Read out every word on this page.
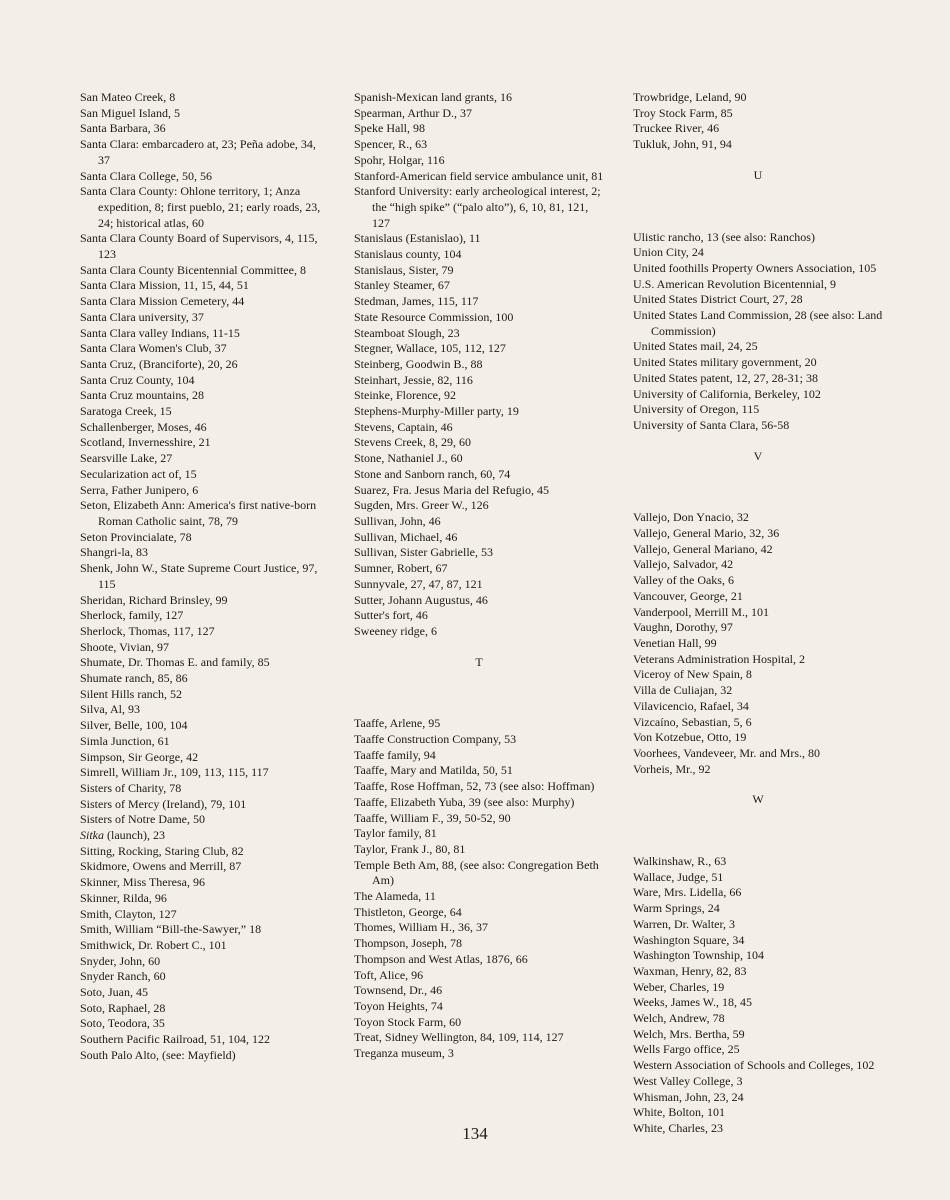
San Mateo Creek, 8

San Miguel Island, 5

Santa Barbara, 36

Santa Clara: embarcadero at, 23; Peña adobe, 34, 37

Santa Clara College, 50, 56

Santa Clara County: Ohlone territory, 1; Anza expedition, 8; first pueblo, 21; early roads, 23, 24; historical atlas, 60

Santa Clara County Board of Supervisors, 4, 115, 123

Santa Clara County Bicentennial Committee, 8

Santa Clara Mission, 11, 15, 44, 51

Santa Clara Mission Cemetery, 44

Santa Clara university, 37

Santa Clara valley Indians, 11-15

Santa Clara Women's Club, 37

Santa Cruz, (Branciforte), 20, 26

Santa Cruz County, 104

Santa Cruz mountains, 28

Saratoga Creek, 15

Schallenberger, Moses, 46

Scotland, Invernesshire, 21

Searsville Lake, 27

Secularization act of, 15

Serra, Father Junipero, 6

Seton, Elizabeth Ann: America's first native-born Roman Catholic saint, 78, 79

Seton Provincialate, 78

Shangri-la, 83

Shenk, John W., State Supreme Court Justice, 97, 115

Sheridan, Richard Brinsley, 99

Sherlock, family, 127

Sherlock, Thomas, 117, 127

Shoote, Vivian, 97

Shumate, Dr. Thomas E. and family, 85

Shumate ranch, 85, 86

Silent Hills ranch, 52

Silva, Al, 93

Silver, Belle, 100, 104

Simla Junction, 61

Simpson, Sir George, 42

Simrell, William Jr., 109, 113, 115, 117

Sisters of Charity, 78

Sisters of Mercy (Ireland), 79, 101

Sisters of Notre Dame, 50

Sitka (launch), 23

Sitting, Rocking, Staring Club, 82

Skidmore, Owens and Merrill, 87

Skinner, Miss Theresa, 96

Skinner, Rilda, 96

Smith, Clayton, 127

Smith, William “Bill-the-Sawyer,” 18

Smithwick, Dr. Robert C., 101

Snyder, John, 60

Snyder Ranch, 60

Soto, Juan, 45

Soto, Raphael, 28

Soto, Teodora, 35

Southern Pacific Railroad, 51, 104, 122

South Palo Alto, (see: Mayfield)

Spanish-Mexican land grants, 16

Spearman, Arthur D., 37

Speke Hall, 98

Spencer, R., 63

Spohr, Holgar, 116

Stanford-American field service ambulance unit, 81

Stanford University: early archeological interest, 2; the “high spike” (“palo alto”), 6, 10, 81, 121, 127

Stanislaus (Estanislao), 11

Stanislaus county, 104

Stanislaus, Sister, 79

Stanley Steamer, 67

Stedman, James, 115, 117

State Resource Commission, 100

Steamboat Slough, 23

Stegner, Wallace, 105, 112, 127

Steinberg, Goodwin B., 88

Steinhart, Jessie, 82, 116

Steinke, Florence, 92

Stephens-Murphy-Miller party, 19

Stevens, Captain, 46

Stevens Creek, 8, 29, 60

Stone, Nathaniel J., 60

Stone and Sanborn ranch, 60, 74

Suarez, Fra. Jesus Maria del Refugio, 45

Sugden, Mrs. Greer W., 126

Sullivan, John, 46

Sullivan, Michael, 46

Sullivan, Sister Gabrielle, 53

Sumner, Robert, 67

Sunnyvale, 27, 47, 87, 121

Sutter, Johann Augustus, 46

Sutter's fort, 46

Sweeney ridge, 6

T

Taaffe, Arlene, 95

Taaffe Construction Company, 53

Taaffe family, 94

Taaffe, Mary and Matilda, 50, 51

Taaffe, Rose Hoffman, 52, 73 (see also: Hoffman)

Taaffe, Elizabeth Yuba, 39 (see also: Murphy)

Taaffe, William F., 39, 50-52, 90

Taylor family, 81

Taylor, Frank J., 80, 81

Temple Beth Am, 88, (see also: Congregation Beth Am)

The Alameda, 11

Thistleton, George, 64

Thomes, William H., 36, 37

Thompson, Joseph, 78

Thompson and West Atlas, 1876, 66

Toft, Alice, 96

Townsend, Dr., 46

Toyon Heights, 74

Toyon Stock Farm, 60

Treat, Sidney Wellington, 84, 109, 114, 127

Treganza museum, 3

Trowbridge, Leland, 90

Troy Stock Farm, 85

Truckee River, 46

Tukluk, John, 91, 94

U

Ulistic rancho, 13 (see also: Ranchos)

Union City, 24

United foothills Property Owners Association, 105

U.S. American Revolution Bicentennial, 9

United States District Court, 27, 28

United States Land Commission, 28 (see also: Land Commission)

United States mail, 24, 25

United States military government, 20

United States patent, 12, 27, 28-31; 38

University of California, Berkeley, 102

University of Oregon, 115

University of Santa Clara, 56-58

V

Vallejo, Don Ynacio, 32

Vallejo, General Mario, 32, 36

Vallejo, General Mariano, 42

Vallejo, Salvador, 42

Valley of the Oaks, 6

Vancouver, George, 21

Vanderpool, Merrill M., 101

Vaughn, Dorothy, 97

Venetian Hall, 99

Veterans Administration Hospital, 2

Viceroy of New Spain, 8

Villa de Culiajan, 32

Vilavicencio, Rafael, 34

Vizcaíno, Sebastian, 5, 6

Von Kotzebue, Otto, 19

Voorhees, Vandeveer, Mr. and Mrs., 80

Vorheis, Mr., 92

W

Walkinshaw, R., 63

Wallace, Judge, 51

Ware, Mrs. Lidella, 66

Warm Springs, 24

Warren, Dr. Walter, 3

Washington Square, 34

Washington Township, 104

Waxman, Henry, 82, 83

Weber, Charles, 19

Weeks, James W., 18, 45

Welch, Andrew, 78

Welch, Mrs. Bertha, 59

Wells Fargo office, 25

Western Association of Schools and Colleges, 102

West Valley College, 3

Whisman, John, 23, 24

White, Bolton, 101

White, Charles, 23

134
